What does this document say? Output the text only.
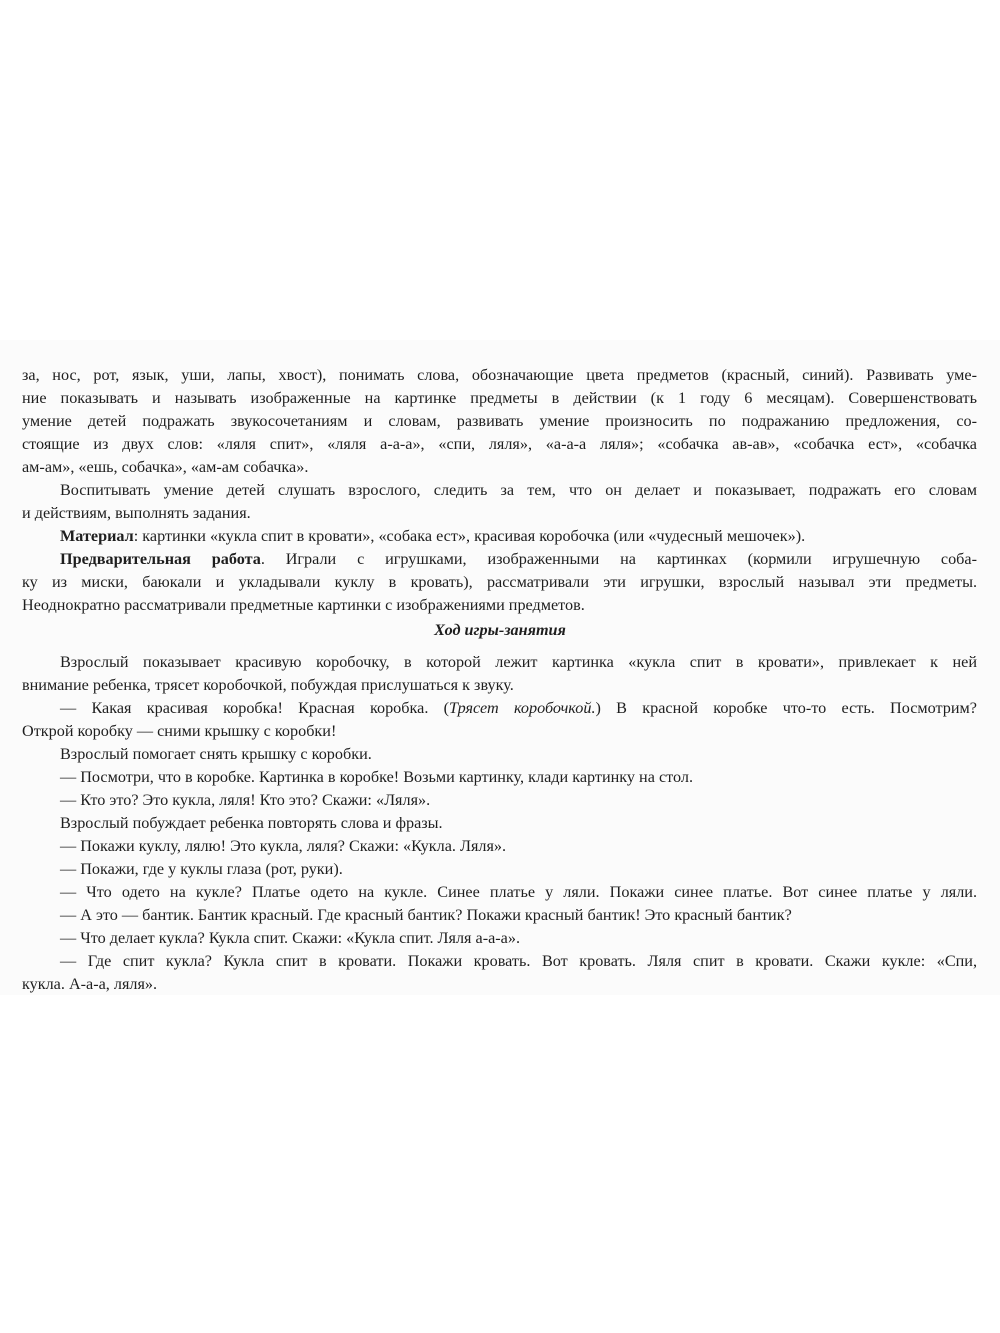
за, нос, рот, язык, уши, лапы, хвост), понимать слова, обозначающие цвета предметов (красный, синий). Развивать уме-
ние показывать и называть изображенные на картинке предметы в действии (к 1 году 6 месяцам). Совершенствовать
умение детей подражать звукосочетаниям и словам, развивать умение произносить по подражанию предложения, со-
стоящие из двух слов: «ляля спит», «ляля а-а-а», «спи, ляля», «а-а-а ляля»; «собачка ав-ав», «собачка ест», «собачка
ам-ам», «ешь, собачка», «ам-ам собачка».
Воспитывать умение детей слушать взрослого, следить за тем, что он делает и показывает, подражать его словам
и действиям, выполнять задания.
Материал: картинки «кукла спит в кровати», «собака ест», красивая коробочка (или «чудесный мешочек»).
Предварительная работа. Играли с игрушками, изображенными на картинках (кормили игрушечную соба-
ку из миски, баюкали и укладывали куклу в кровать), рассматривали эти игрушки, взрослый называл эти предметы.
Неоднократно рассматривали предметные картинки с изображениями предметов.
Ход игры-занятия
Взрослый показывает красивую коробочку, в которой лежит картинка «кукла спит в кровати», привлекает к ней
внимание ребенка, трясет коробочкой, побуждая прислушаться к звуку.
— Какая красивая коробка! Красная коробка. (Трясет коробочкой.) В красной коробке что-то есть. Посмотрим?
Открой коробку — сними крышку с коробки!
Взрослый помогает снять крышку с коробки.
— Посмотри, что в коробке. Картинка в коробке! Возьми картинку, клади картинку на стол.
— Кто это? Это кукла, ляля! Кто это? Скажи: «Ляля».
Взрослый побуждает ребенка повторять слова и фразы.
— Покажи куклу, лялю! Это кукла, ляля? Скажи: «Кукла. Ляля».
— Покажи, где у куклы глаза (рот, руки).
— Что одето на кукле? Платье одето на кукле. Синее платье у ляли. Покажи синее платье. Вот синее платье у ляли.
— А это — бантик. Бантик красный. Где красный бантик? Покажи красный бантик! Это красный бантик?
— Что делает кукла? Кукла спит. Скажи: «Кукла спит. Ляля а-а-а».
— Где спит кукла? Кукла спит в кровати. Покажи кровать. Вот кровать. Ляля спит в кровати. Скажи кукле: «Спи,
кукла. А-а-а, ляля».
